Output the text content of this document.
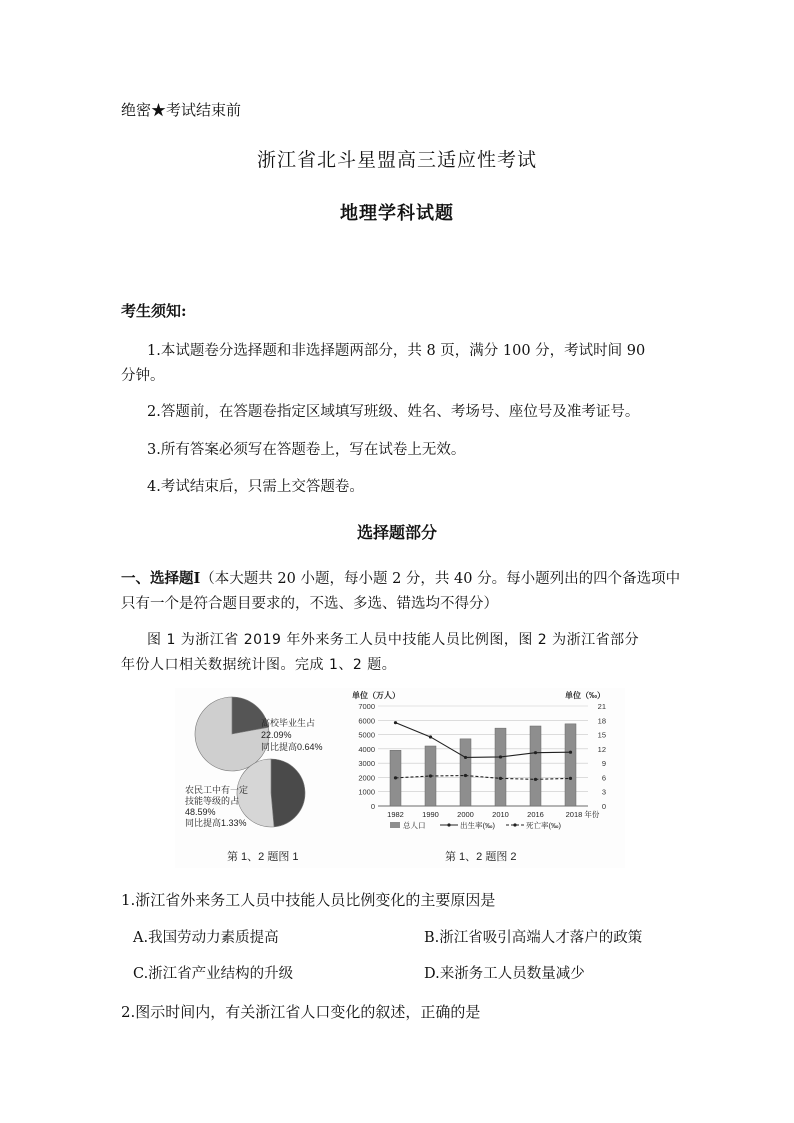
绝密★考试结束前
浙江省北斗星盟高三适应性考试
地理学科试题
考生须知:
1.本试题卷分选择题和非选择题两部分，共 8 页，满分 100 分，考试时间 90
分钟。
2.答题前，在答题卷指定区域填写班级、姓名、考场号、座位号及准考证号。
3.所有答案必须写在答题卷上，写在试卷上无效。
4.考试结束后，只需上交答题卷。
选择题部分
一、选择题Ⅰ（本大题共 20 小题，每小题 2 分，共 40 分。每小题列出的四个备选项中只有一个是符合题目要求的，不选、多选、错选均不得分）
图 1 为浙江省 2019 年外来务工人员中技能人员比例图，图 2 为浙江省部分
年份人口相关数据统计图。完成 1、2 题。
高校毕业生占
22.09%
同比提高0.64%
农民工中有一定
技能等级的占
48.59%
同比提高1.33%
第 1、2 题图 1
单位（万人）	单位（‰）
0
1000
2000
3000
4000
5000
6000
7000
0
3
6
9
12
15
18
21
1982 1990 2000 2010 2016	2018 年份
总人口	出生率(‰)	死亡率(‰)
第 1、2 题图 2
1.浙江省外来务工人员中技能人员比例变化的主要原因是
A.我国劳动力素质提高	B.浙江省吸引高端人才落户的政策
C.浙江省产业结构的升级	D.来浙务工人员数量减少
2.图示时间内，有关浙江省人口变化的叙述，正确的是
